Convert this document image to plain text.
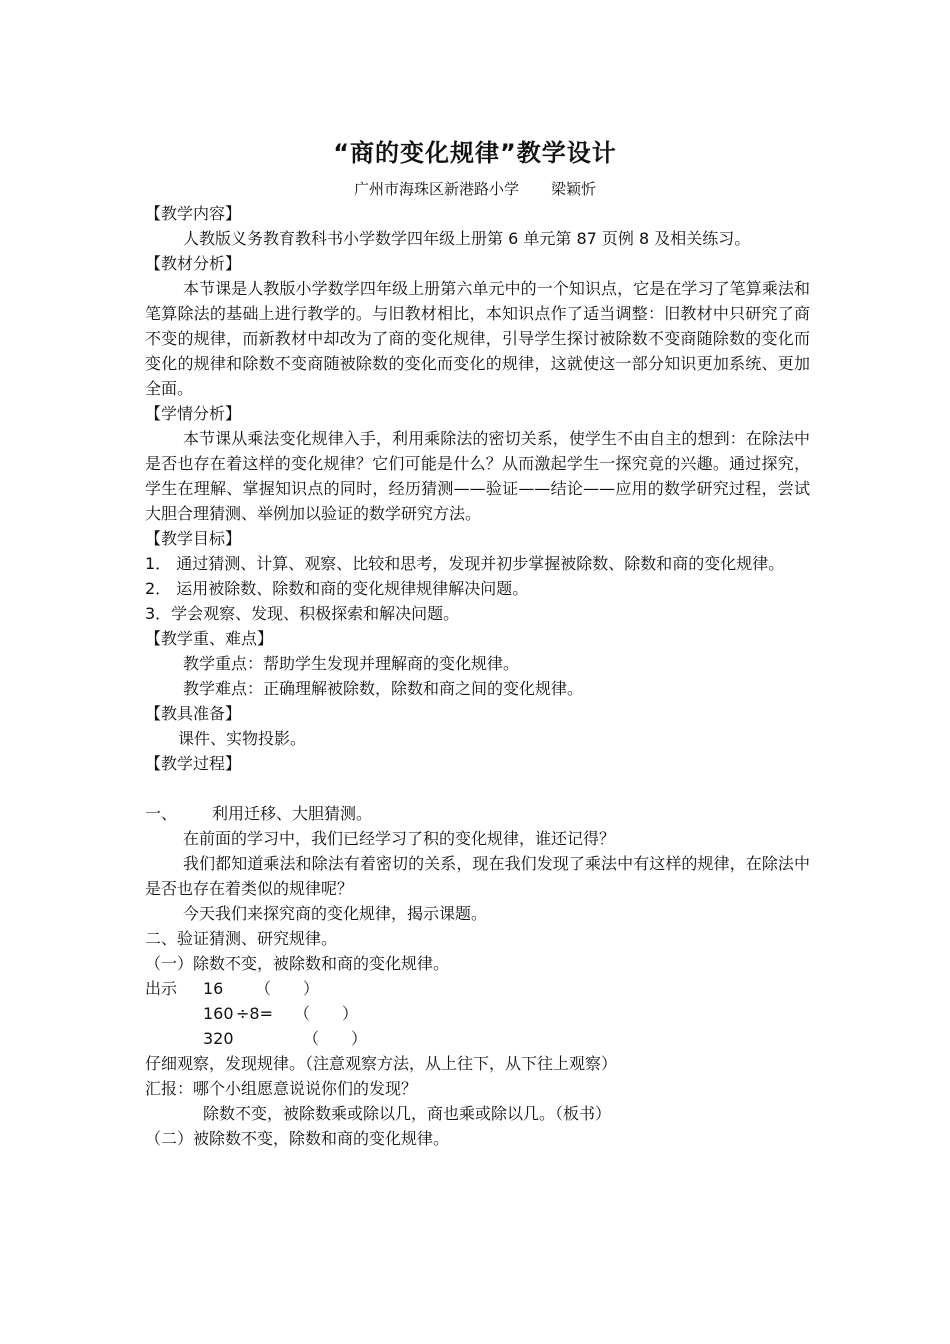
“商的变化规律”教学设计
广州市海珠区新港路小学 梁颖忻

【教学内容】

人教版义务教育教科书小学数学四年级上册第 6 单元第 87 页例 8 及相关练习。

【教材分析】

本节课是人教版小学数学四年级上册第六单元中的一个知识点，它是在学习了笔算乘法和笔算除法的基础上进行教学的。与旧教材相比，本知识点作了适当调整：旧教材中只研究了商不变的规律，而新教材中却改为了商的变化规律，引导学生探讨被除数不变商随除数的变化而变化的规律和除数不变商随被除数的变化而变化的规律，这就使这一部分知识更加系统、更加全面。

【学情分析】

本节课从乘法变化规律入手，利用乘除法的密切关系，使学生不由自主的想到：在除法中是否也存在着这样的变化规律？它们可能是什么？从而激起学生一探究竟的兴趣。通过探究，学生在理解、掌握知识点的同时，经历猜测——验证——结论——应用的数学研究过程，尝试大胆合理猜测、举例加以验证的数学研究方法。

【教学目标】

1． 通过猜测、计算、观察、比较和思考，发现并初步掌握被除数、除数和商的变化规律。

2． 运用被除数、除数和商的变化规律规律解决问题。

3．学会观察、发现、积极探索和解决问题。

【教学重、难点】

教学重点：帮助学生发现并理解商的变化规律。

教学难点：正确理解被除数，除数和商之间的变化规律。

【教具准备】

课件、实物投影。

【教学过程】

一、	利用迁移、大胆猜测。

在前面的学习中，我们已经学习了积的变化规律，谁还记得？

我们都知道乘法和除法有着密切的关系，现在我们发现了乘法中有这样的规律，在除法中是否也存在着类似的规律呢？

今天我们来探究商的变化规律，揭示课题。

二、验证猜测、研究规律。

（一）除数不变，被除数和商的变化规律。

出示	16	（　　）
160 ÷8=	（　　）
320	（　　）

仔细观察，发现规律。（注意观察方法，从上往下，从下往上观察）

汇报：哪个小组愿意说说你们的发现？

除数不变，被除数乘或除以几，商也乘或除以几。（板书）

（二）被除数不变，除数和商的变化规律。
